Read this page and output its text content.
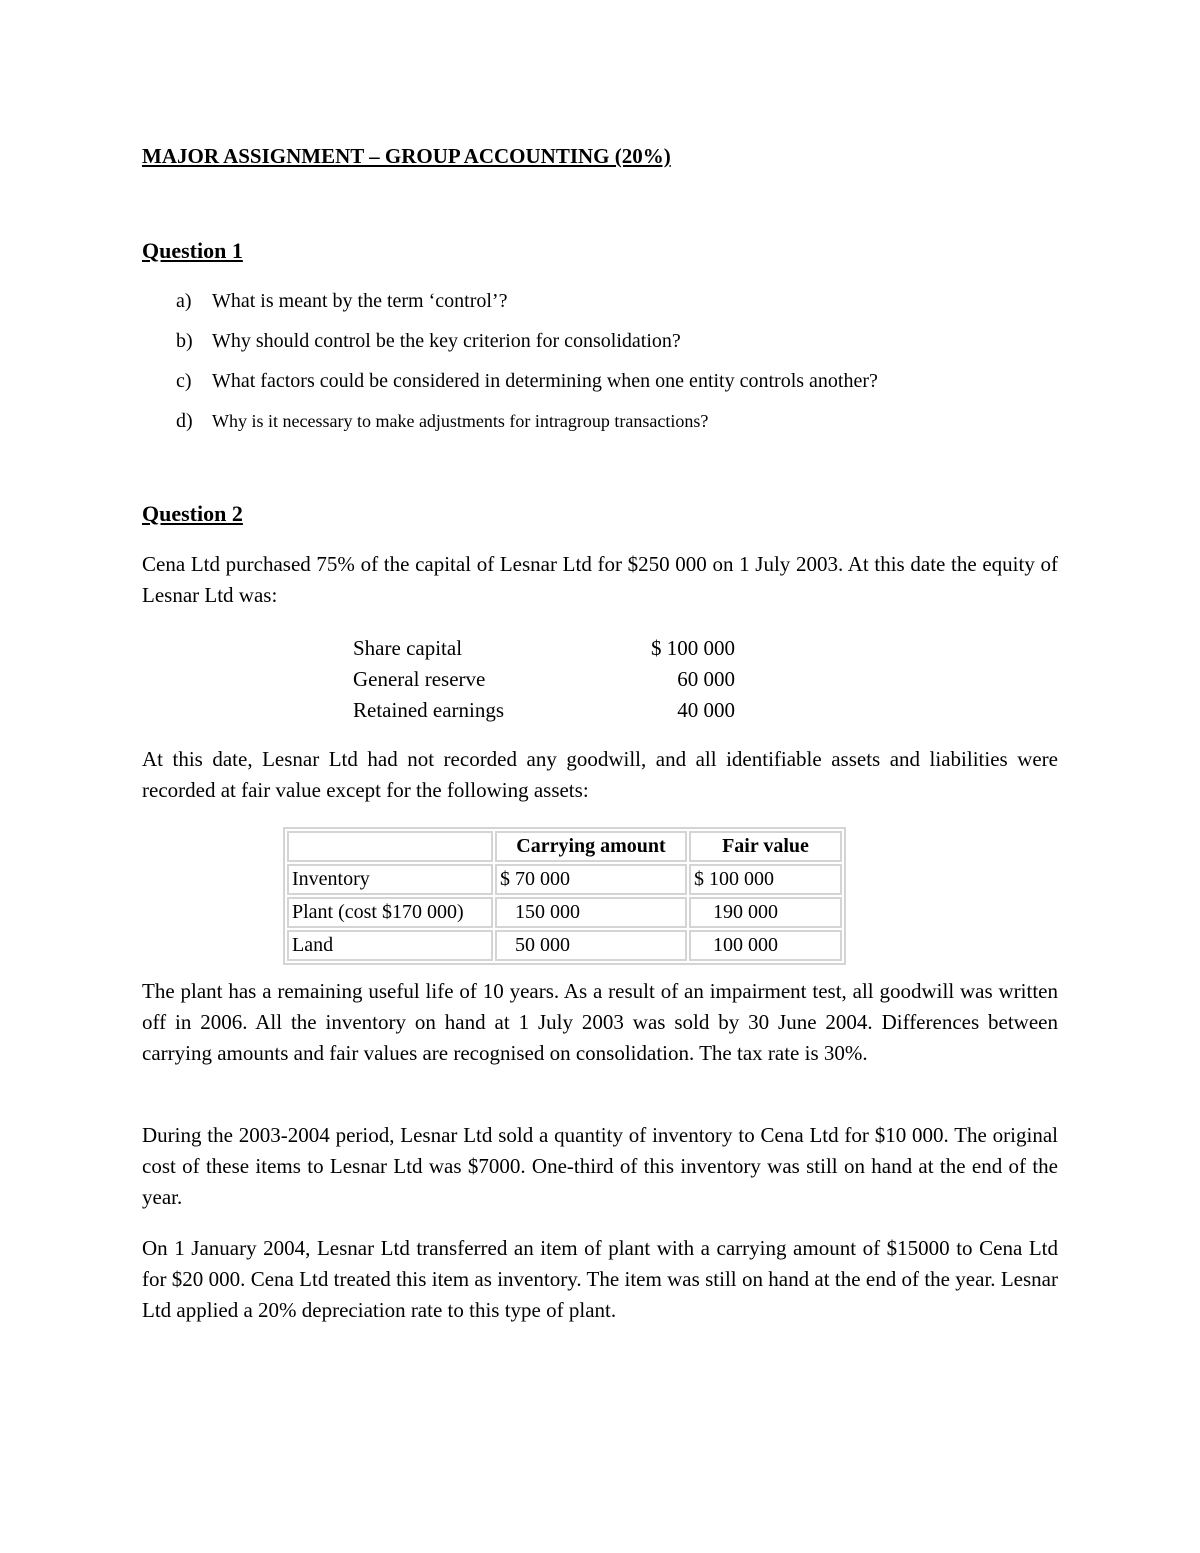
MAJOR ASSIGNMENT – GROUP ACCOUNTING (20%)
Question 1
a) What is meant by the term ‘control’?
b) Why should control be the key criterion for consolidation?
c) What factors could be considered in determining when one entity controls another?
d) Why is it necessary to make adjustments for intragroup transactions?
Question 2

Cena Ltd purchased 75% of the capital of Lesnar Ltd for $250 000 on 1 July 2003. At this date the equity of Lesnar Ltd was:

Share capital	$ 100 000
General reserve	60 000
Retained earnings	40 000

At this date, Lesnar Ltd had not recorded any goodwill, and all identifiable assets and liabilities were recorded at fair value except for the following assets:

	Carrying amount	Fair value
Inventory	$ 70 000	$ 100 000
Plant (cost $170 000)	150 000	190 000
Land	50 000	100 000

The plant has a remaining useful life of 10 years. As a result of an impairment test, all goodwill was written off in 2006. All the inventory on hand at 1 July 2003 was sold by 30 June 2004. Differences between carrying amounts and fair values are recognised on consolidation. The tax rate is 30%.

During the 2003-2004 period, Lesnar Ltd sold a quantity of inventory to Cena Ltd for $10 000. The original cost of these items to Lesnar Ltd was $7000. One-third of this inventory was still on hand at the end of the year.

On 1 January 2004, Lesnar Ltd transferred an item of plant with a carrying amount of $15000 to Cena Ltd for $20 000. Cena Ltd treated this item as inventory. The item was still on hand at the end of the year. Lesnar Ltd applied a 20% depreciation rate to this type of plant.
